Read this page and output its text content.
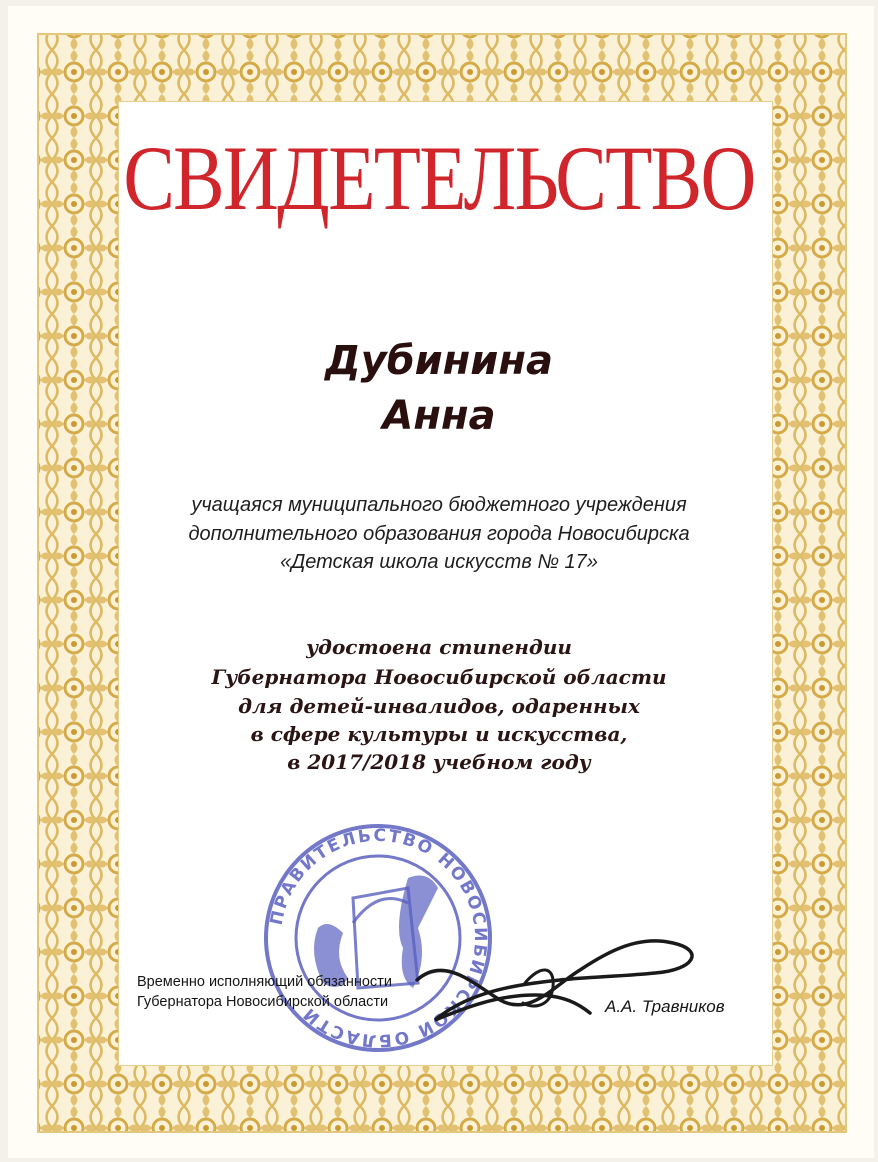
СВИДЕТЕЛЬСТВО
Дубинина
Анна
учащаяся муниципального бюджетного учреждения
дополнительного образования города Новосибирска
«Детская школа искусств № 17»
удостоена стипендии
Губернатора Новосибирской области
для детей-инвалидов, одаренных
в сфере культуры и искусства,
в 2017/2018 учебном году
ПРАВИТЕЛЬСТВО НОВОСИБИРСКОЙ ОБЛАСТИ
Временно исполняющий обязанности
Губернатора Новосибирской области	А.А. Травников
